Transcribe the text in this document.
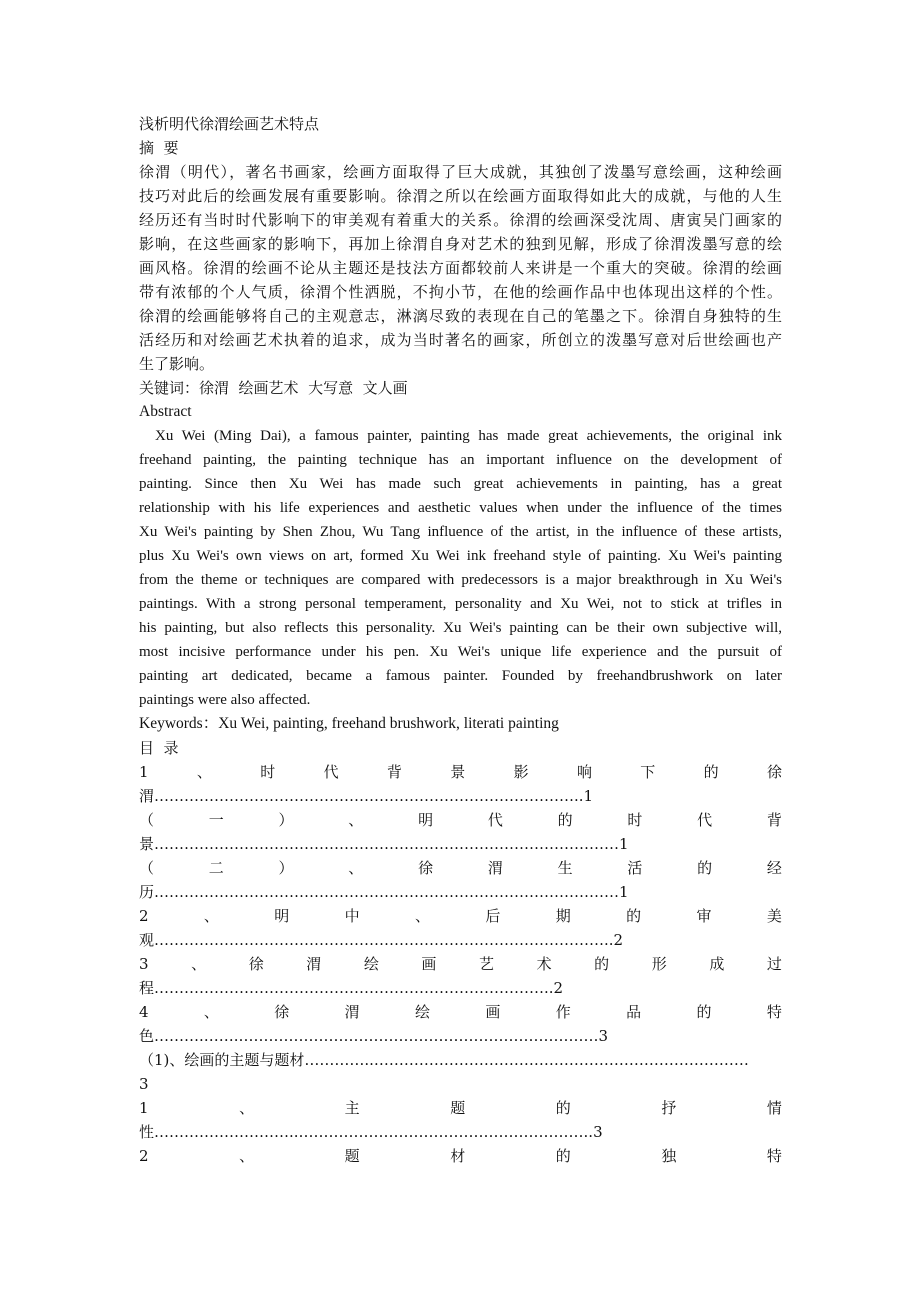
浅析明代徐渭绘画艺术特点
摘  要
徐渭（明代），著名书画家，绘画方面取得了巨大成就，其独创了泼墨写意绘画，这种绘画
技巧对此后的绘画发展有重要影响。徐渭之所以在绘画方面取得如此大的成就，与他的人生
经历还有当时时代影响下的审美观有着重大的关系。徐渭的绘画深受沈周、唐寅吴门画家的
影响，在这些画家的影响下，再加上徐渭自身对艺术的独到见解，形成了徐渭泼墨写意的绘
画风格。徐渭的绘画不论从主题还是技法方面都较前人来讲是一个重大的突破。徐渭的绘画
带有浓郁的个人气质，徐渭个性洒脱，不拘小节，在他的绘画作品中也体现出这样的个性。
徐渭的绘画能够将自己的主观意志，淋漓尽致的表现在自己的笔墨之下。徐渭自身独特的生
活经历和对绘画艺术执着的追求，成为当时著名的画家，所创立的泼墨写意对后世绘画也产
生了影响。
关键词：徐渭  绘画艺术  大写意  文人画
Abstract
Xu Wei (Ming Dai), a famous painter, painting has made great achievements, the original ink
freehand painting, the painting technique has an important influence on the development of
painting. Since then Xu Wei has made such great achievements in painting, has a great
relationship with his life experiences and aesthetic values when under the influence of the times
Xu Wei's painting by Shen Zhou, Wu Tang influence of the artist, in the influence of these artists,
plus Xu Wei's own views on art, formed Xu Wei ink freehand style of painting. Xu Wei's painting
from the theme or techniques are compared with predecessors is a major breakthrough in Xu Wei's
paintings. With a strong personal temperament, personality and Xu Wei, not to stick at trifles in
his painting, but also reflects this personality. Xu Wei's painting can be their own subjective will,
most incisive performance under his pen. Xu Wei's unique life experience and the pursuit of
painting art dedicated, became a famous painter. Founded by freehandbrushwork on later
paintings were also affected.
Keywords：Xu Wei, painting, freehand brushwork, literati painting
目  录
1	、	时	代	背	景	影	响	下	的	徐
渭…………………………………………………………………………..1
（	一	）	、	明	代	的	时	代	背
景…………………………………………………………………………………1
（	二	）	、	徐	渭	生	活	的	经
历…………………………………………………………………………………1
2	、	明	中	、	后	期	的	审	美
观………………………………………………………………………………..2
3	、	徐	渭	绘	画	艺	术	的	形	成	过
程……………………………………………………………………..2
4	、	徐	渭	绘	画	作	品	的	特
色……….…….………………………………………………………………3
（1)、绘画的主题与题材…………..…………………………………………………………………
3
1	、	主	题	的	抒	情
性………………………..…………………………………………………..3
2	、	题	材	的	独	特
